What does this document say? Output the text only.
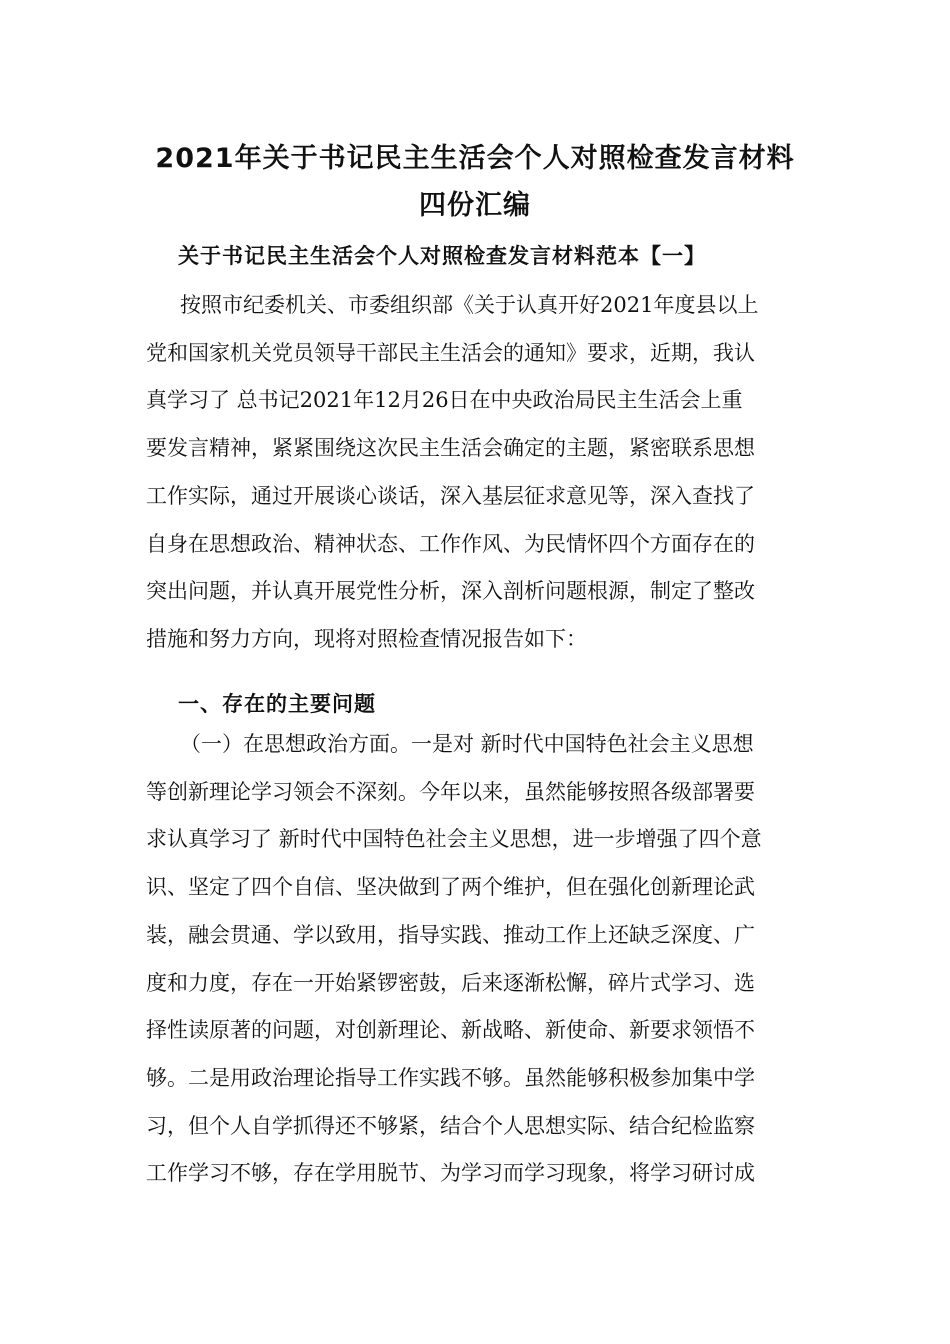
2021年关于书记民主生活会个人对照检查发言材料
四份汇编
关于书记民主生活会个人对照检查发言材料范本【一】
按照市纪委机关、市委组织部《关于认真开好2021年度县以上
党和国家机关党员领导干部民主生活会的通知》要求，近期，我认
真学习了 总书记2021年12月26日在中央政治局民主生活会上重
要发言精神，紧紧围绕这次民主生活会确定的主题，紧密联系思想
工作实际，通过开展谈心谈话，深入基层征求意见等，深入查找了
自身在思想政治、精神状态、工作作风、为民情怀四个方面存在的
突出问题，并认真开展党性分析，深入剖析问题根源，制定了整改
措施和努力方向，现将对照检查情况报告如下：
一、存在的主要问题
（一）在思想政治方面。一是对 新时代中国特色社会主义思想
等创新理论学习领会不深刻。今年以来，虽然能够按照各级部署要
求认真学习了 新时代中国特色社会主义思想，进一步增强了四个意
识、坚定了四个自信、坚决做到了两个维护，但在强化创新理论武
装，融会贯通、学以致用，指导实践、推动工作上还缺乏深度、广
度和力度，存在一开始紧锣密鼓，后来逐渐松懈，碎片式学习、选
择性读原著的问题，对创新理论、新战略、新使命、新要求领悟不
够。二是用政治理论指导工作实践不够。虽然能够积极参加集中学
习，但个人自学抓得还不够紧，结合个人思想实际、结合纪检监察
工作学习不够，存在学用脱节、为学习而学习现象，将学习研讨成
